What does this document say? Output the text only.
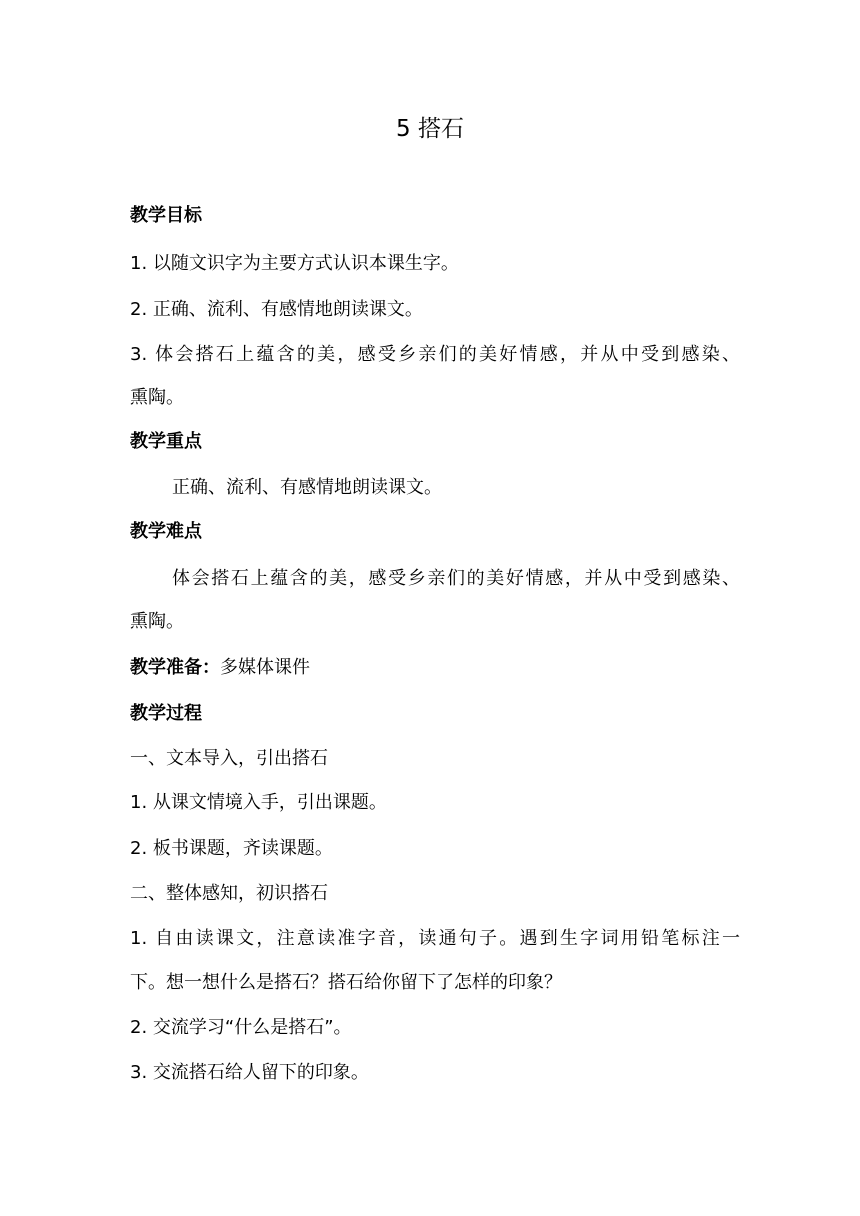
5 搭石
教学目标
1. 以随文识字为主要方式认识本课生字。
2. 正确、流利、有感情地朗读课文。
3. 体会搭石上蕴含的美，感受乡亲们的美好情感，并从中受到感染、
熏陶。
教学重点
正确、流利、有感情地朗读课文。
教学难点
体会搭石上蕴含的美，感受乡亲们的美好情感，并从中受到感染、
熏陶。
教学准备：多媒体课件
教学过程
一、文本导入，引出搭石
1. 从课文情境入手，引出课题。
2. 板书课题，齐读课题。
二、整体感知，初识搭石
1. 自由读课文，注意读准字音，读通句子。遇到生字词用铅笔标注一
下。想一想什么是搭石？搭石给你留下了怎样的印象？
2. 交流学习“什么是搭石”。
3. 交流搭石给人留下的印象。
